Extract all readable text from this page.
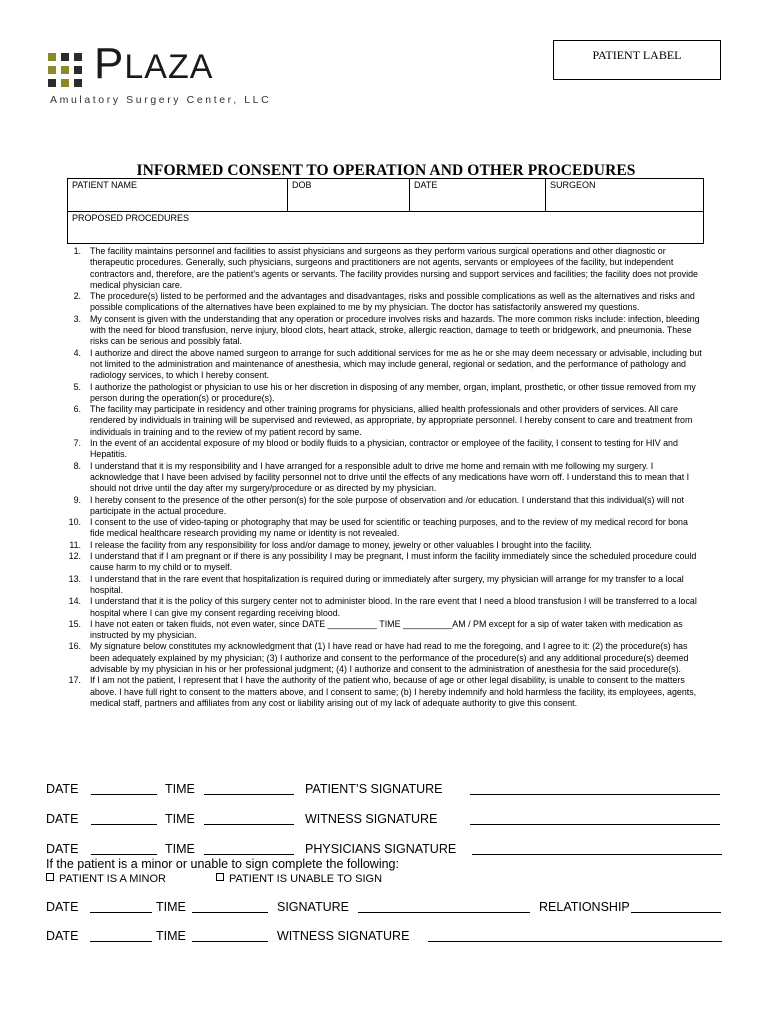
PLAZA
Amulatory Surgery Center, LLC
PATIENT LABEL
INFORMED CONSENT TO OPERATION AND OTHER PROCEDURES
PATIENT NAME	DOB	DATE	SURGEON
PROPOSED PROCEDURES
1. The facility maintains personnel and facilities to assist physicians and surgeons as they perform various surgical operations and other diagnostic or therapeutic procedures. Generally, such physicians, surgeons and practitioners are not agents, servants or employees of the facility, but independent contractors and, therefore, are the patient’s agents or servants. The facility provides nursing and support services and facilities; the facility does not provide medical physician care.
2. The procedure(s) listed to be performed and the advantages and disadvantages, risks and possible complications as well as the alternatives and risks and possible complications of the alternatives have been explained to me by my physician. The doctor has satisfactorily answered my questions.
3. My consent is given with the understanding that any operation or procedure involves risks and hazards. The more common risks include: infection, bleeding with the need for blood transfusion, nerve injury, blood clots, heart attack, stroke, allergic reaction, damage to teeth or bridgework, and pneumonia. These risks can be serious and possibly fatal.
4. I authorize and direct the above named surgeon to arrange for such additional services for me as he or she may deem necessary or advisable, including but not limited to the administration and maintenance of anesthesia, which may include general, regional or sedation, and the performance of pathology and radiology services, to which I hereby consent.
5. I authorize the pathologist or physician to use his or her discretion in disposing of any member, organ, implant, prosthetic, or other tissue removed from my person during the operation(s) or procedure(s).
6. The facility may participate in residency and other training programs for physicians, allied health professionals and other providers of services. All care rendered by individuals in training will be supervised and reviewed, as appropriate, by appropriate personnel. I hereby consent to care and treatment from individuals in training and to the review of my patient record by same.
7. In the event of an accidental exposure of my blood or bodily fluids to a physician, contractor or employee of the facility, I consent to testing for HIV and Hepatitis.
8. I understand that it is my responsibility and I have arranged for a responsible adult to drive me home and remain with me following my surgery. I acknowledge that I have been advised by facility personnel not to drive until the effects of any medications have worn off. I understand this to mean that I should not drive until the day after my surgery/procedure or as directed by my physician.
9. I hereby consent to the presence of the other person(s) for the sole purpose of observation and /or education. I understand that this individual(s) will not participate in the actual procedure.
10. I consent to the use of video-taping or photography that may be used for scientific or teaching purposes, and to the review of my medical record for bona fide medical healthcare research providing my name or identity is not revealed.
11. I release the facility from any responsibility for loss and/or damage to money, jewelry or other valuables I brought into the facility.
12. I understand that if I am pregnant or if there is any possibility I may be pregnant, I must inform the facility immediately since the scheduled procedure could cause harm to my child or to myself.
13. I understand that in the rare event that hospitalization is required during or immediately after surgery, my physician will arrange for my transfer to a local hospital.
14. I understand that it is the policy of this surgery center not to administer blood. In the rare event that I need a blood transfusion I will be transferred to a local hospital where I can give my consent regarding receiving blood.
15. I have not eaten or taken fluids, not even water, since DATE __________ TIME __________AM / PM except for a sip of water taken with medication as instructed by my physician.
16. My signature below constitutes my acknowledgment that (1) I have read or have had read to me the foregoing, and I agree to it: (2) the procedure(s) has been adequately explained by my physician; (3) I authorize and consent to the performance of the procedure(s) and any additional procedure(s) deemed advisable by my physician in his or her professional judgment; (4) I authorize and consent to the administration of anesthesia for the said procedure(s).
17. If I am not the patient, I represent that I have the authority of the patient who, because of age or other legal disability, is unable to consent to the matters above. I have full right to consent to the matters above, and I consent to same; (b) I hereby indemnify and hold harmless the facility, its employees, agents, medical staff, partners and affiliates from any cost or liability arising out of my lack of adequate authority to give this consent.
DATE	TIME	PATIENT’S SIGNATURE
DATE	TIME	WITNESS SIGNATURE
DATE	TIME	PHYSICIANS SIGNATURE
If the patient is a minor or unable to sign complete the following:
PATIENT IS A MINOR	PATIENT IS UNABLE TO SIGN
DATE	TIME	SIGNATURE	RELATIONSHIP
DATE	TIME	WITNESS SIGNATURE
